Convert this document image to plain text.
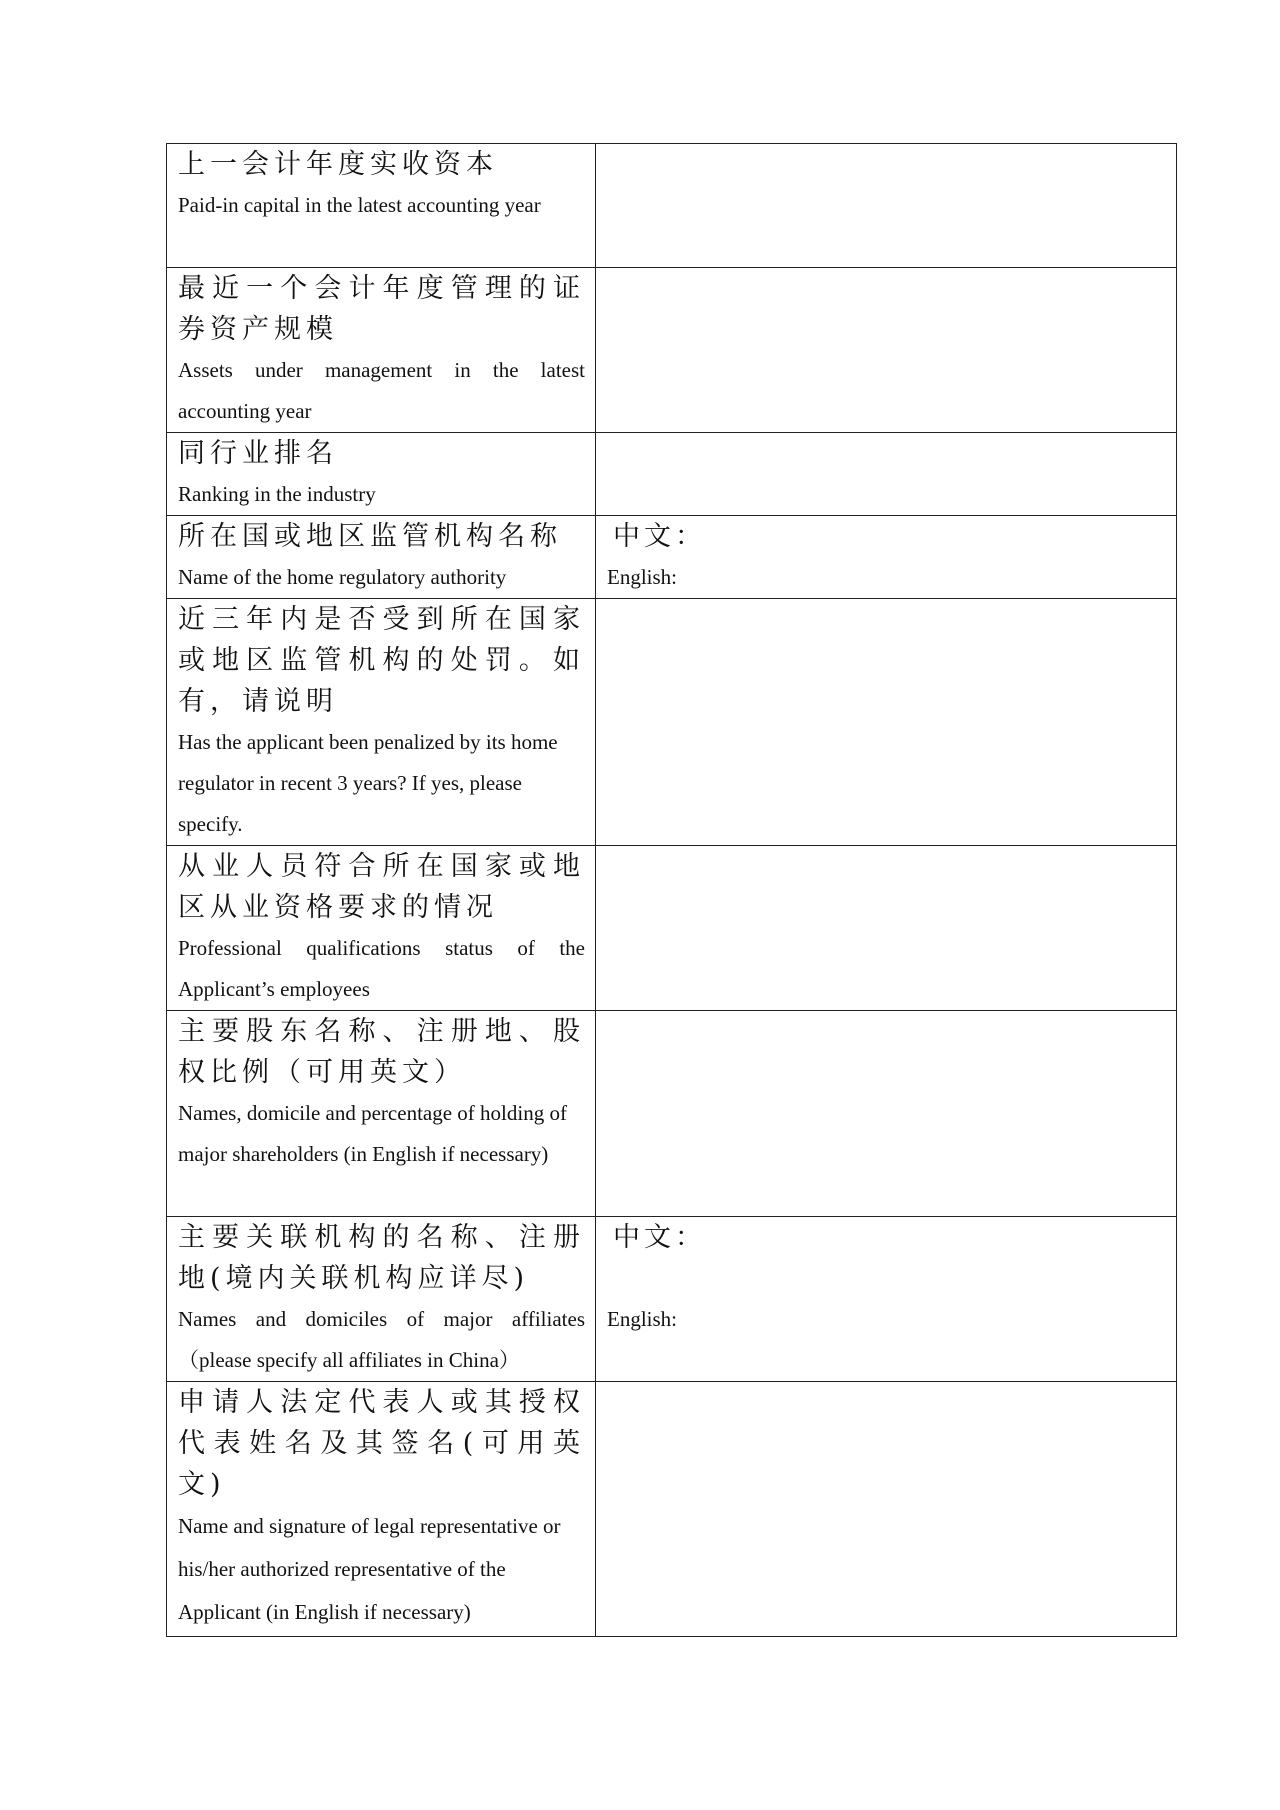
上一会计年度实收资本
Paid-in capital in the latest accounting year	

最近一个会计年度管理的证券资产规模
Assets under management in the latest accounting year	

同行业排名
Ranking in the industry	

所在国或地区监管机构名称
Name of the home regulatory authority	中文：
English:

近三年内是否受到所在国家或地区监管机构的处罚。如有，请说明
Has the applicant been penalized by its home regulator in recent 3 years? If yes, please specify.	

从业人员符合所在国家或地区从业资格要求的情况
Professional qualifications status of the Applicant’s employees	

主要股东名称、注册地、股权比例（可用英文）
Names, domicile and percentage of holding of major shareholders (in English if necessary)	

主要关联机构的名称、注册地(境内关联机构应详尽)
Names and domiciles of major affiliates（please specify all affiliates in China）	中文：
English:

申请人法定代表人或其授权代表姓名及其签名(可用英文)
Name and signature of legal representative or his/her authorized representative of the Applicant (in English if necessary)	
